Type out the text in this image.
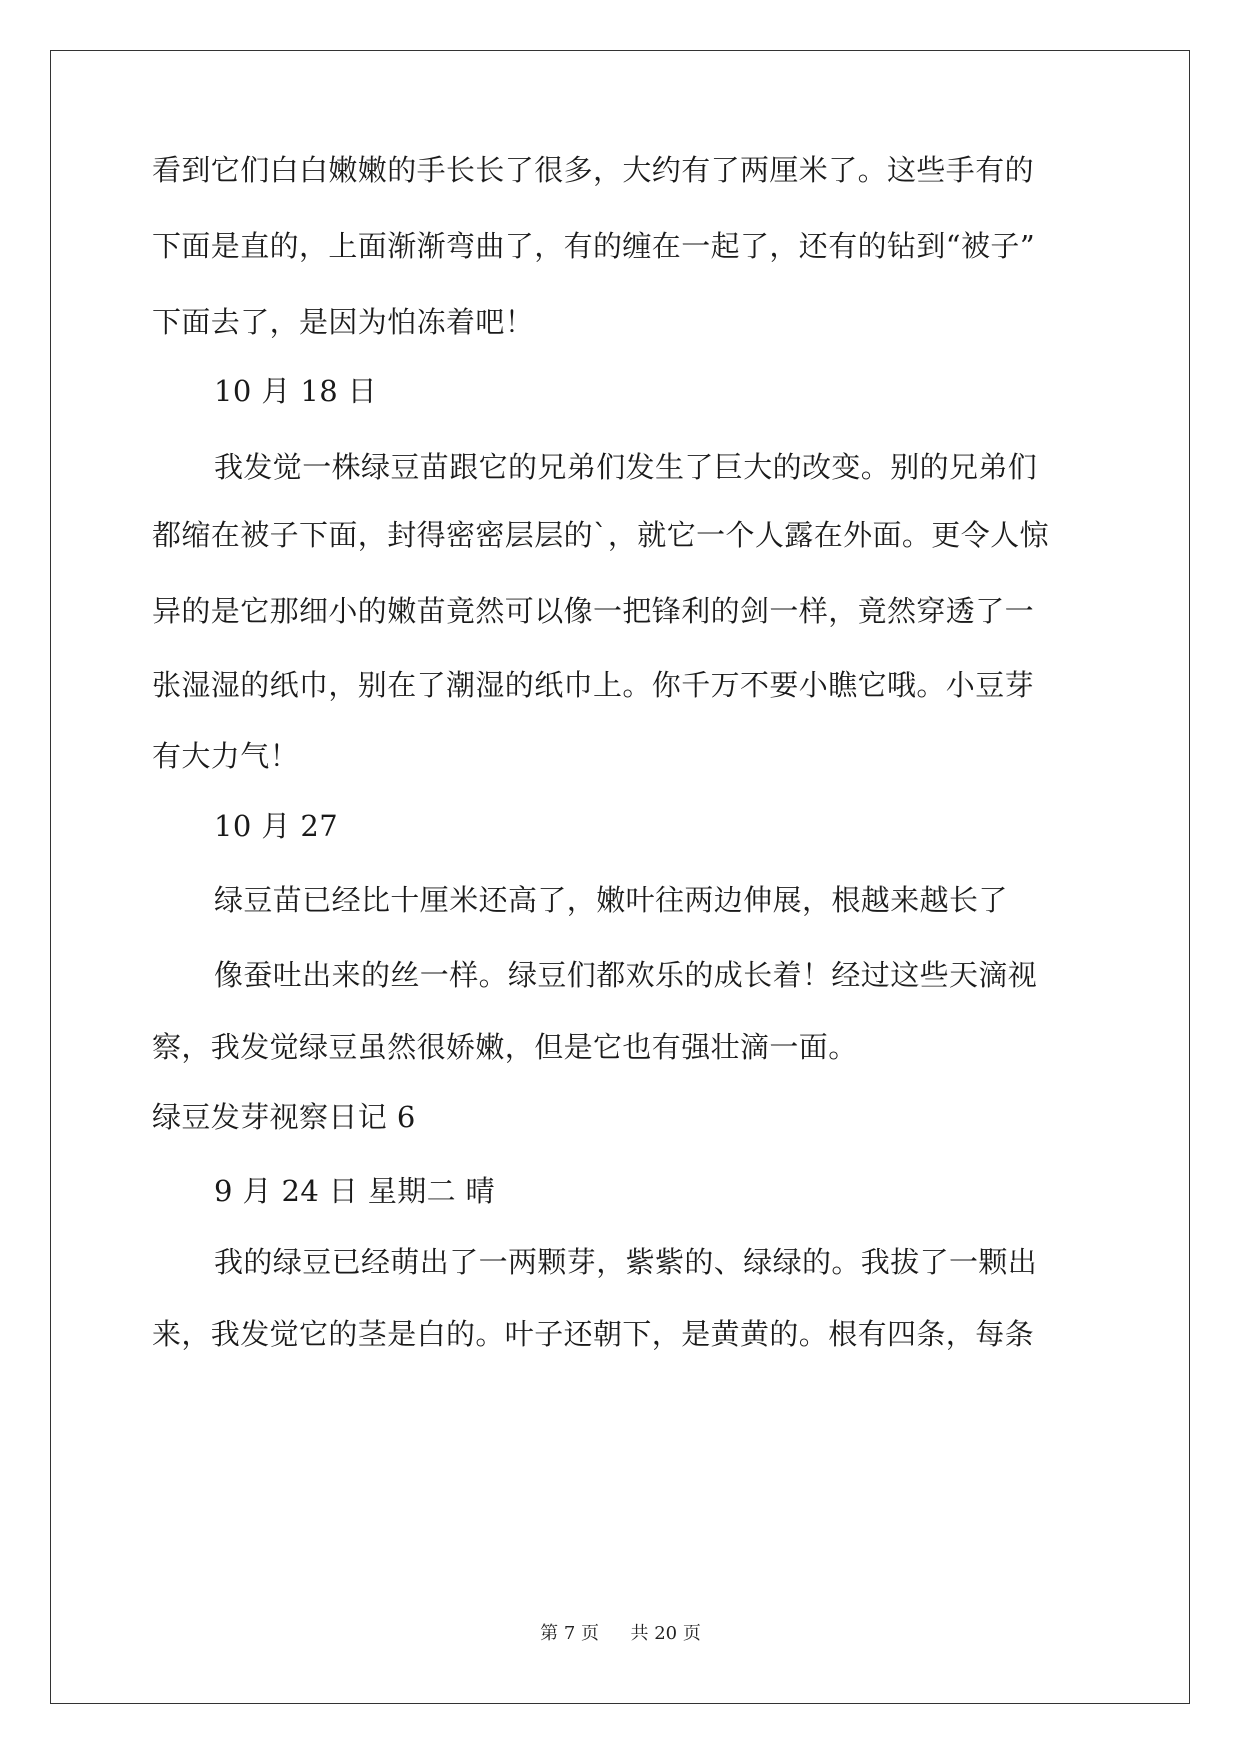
看到它们白白嫩嫩的手长长了很多，大约有了两厘米了。这些手有的
下面是直的，上面渐渐弯曲了，有的缠在一起了，还有的钻到“被子”
下面去了，是因为怕冻着吧！
10 月 18 日
我发觉一株绿豆苗跟它的兄弟们发生了巨大的改变。别的兄弟们
都缩在被子下面，封得密密层层的`，就它一个人露在外面。更令人惊
异的是它那细小的嫩苗竟然可以像一把锋利的剑一样，竟然穿透了一
张湿湿的纸巾，别在了潮湿的纸巾上。你千万不要小瞧它哦。小豆芽
有大力气！
10 月 27
绿豆苗已经比十厘米还高了，嫩叶往两边伸展，根越来越长了
像蚕吐出来的丝一样。绿豆们都欢乐的成长着！经过这些天滴视
察，我发觉绿豆虽然很娇嫩，但是它也有强壮滴一面。
绿豆发芽视察日记 6
9 月 24 日 星期二 晴
我的绿豆已经萌出了一两颗芽，紫紫的、绿绿的。我拔了一颗出
来，我发觉它的茎是白的。叶子还朝下，是黄黄的。根有四条，每条
第 7 页 共 20 页
